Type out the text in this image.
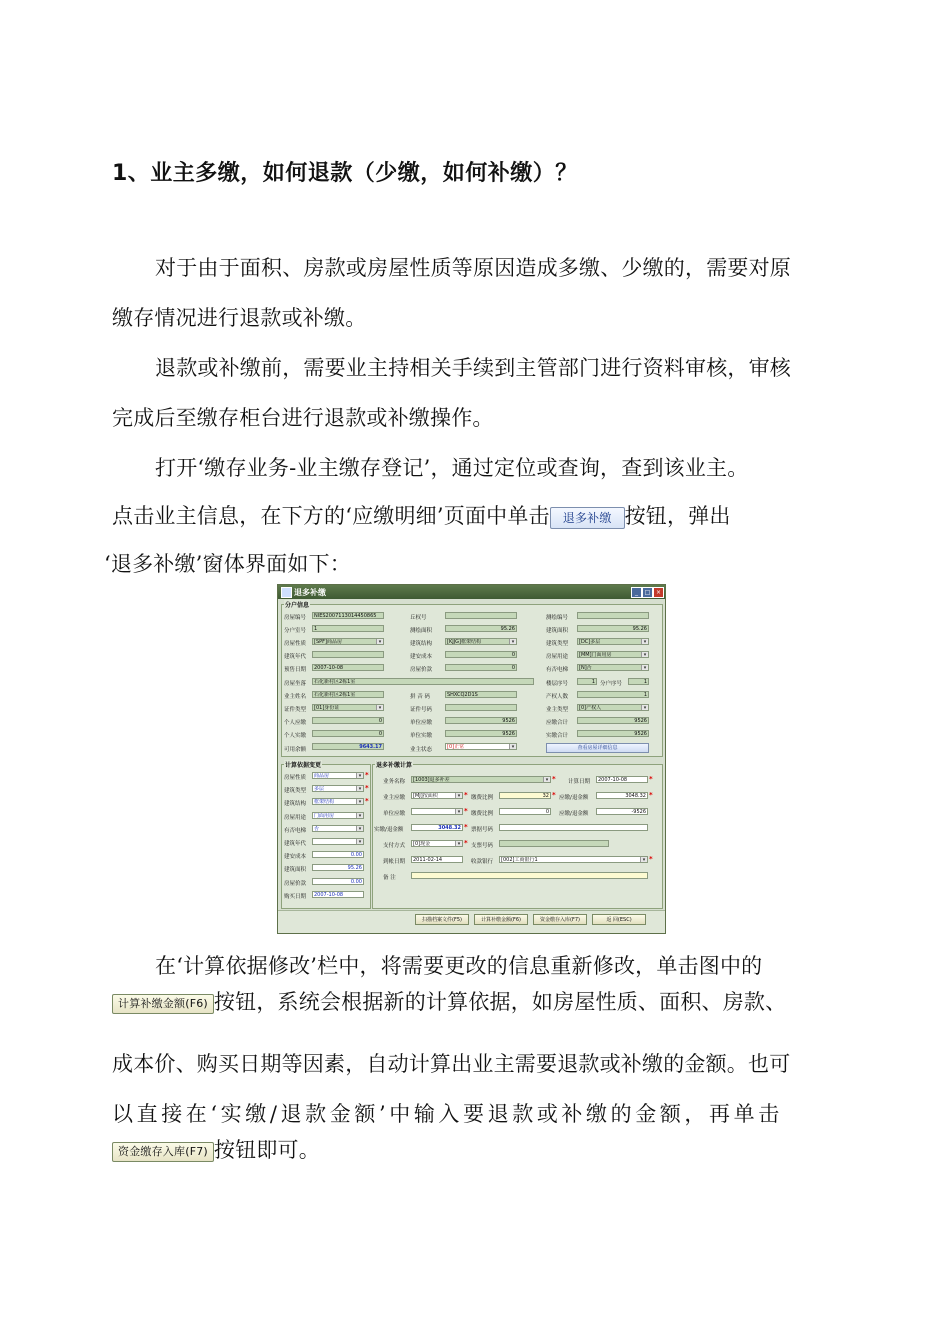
1、业主多缴，如何退款（少缴，如何补缴）？
对于由于面积、房款或房屋性质等原因造成多缴、少缴的，需要对原
缴存情况进行退款或补缴。
退款或补缴前，需要业主持相关手续到主管部门进行资料审核，审核
完成后至缴存柜台进行退款或补缴操作。
打开‘缴存业务-业主缴存登记’，通过定位或查询，查到该业主。
点击业主信息，在下方的‘应缴明细’页面中单击 退多补缴 按钮，弹出
‘退多补缴’窗体界面如下：
退多补缴	_	□ ×
分户信息
房屋编号	NIES2007113014450865	丘权号	测绘编号
分户室号	1	测绘面积	95.26	建筑面积	95.26
房屋性质	[SPF]商品房 ▾	建筑结构	[KJJG]框架结构 ▾	建筑类型	[DC]多层 ▾
建筑年代	建安成本	0	房屋用途	[MM]门面用房 ▾
预售日期	2007-10-08	房屋价款	0	有否电梯	[N]否 ▾
房屋坐落	石化新村区2栋1室	楼层序号	1 分户序号	1
业主姓名	石化新村区2栋1室	拼 音 码	SHXCQ2D1S	产权人数	1
证件类型	[01]身份证 ▾	证件号码	业主类型	[0]产权人 ▾
个人应缴	0	单位应缴	9526	应缴合计	9526
个人实缴	0	单位实缴	9526	实缴合计	9526
可用余额	9643.17	业主状态	[0]正常 ▾	查看房屋详细信息
计算依据变更
房屋性质	商品房 ▾	*
建筑类型	多层 ▾	*
建筑结构	框架结构 ▾	*
房屋用途	门面用房 ▾
有否电梯	否 ▾
建筑年代
▾
建安成本	0.00
建筑面积	95.26
房屋价款	0.00
购买日期	2007-10-08
退多补缴计算
业务名称	[1003]退多补差 ▾	* 计算日期	2007-10-08	*
业主应缴	[MJ]按面积 ▾	* 缴费比例	32 * 应缴/退金额	3048.32 *
单位应缴
▾	* 缴费比例	0	应缴/退金额	-9526
实缴/退金额	3048.32 * 票据号码
支付方式	[0]现金 ▾	* 支票号码
到帐日期	2011-02-14	收款银行	[002]工商银行1 ▾	*
备 注
扫描档案文件(F5)	计算补缴金额(F6)	资金缴存入库(F7)	返 回(ESC)
在‘计算依据修改’栏中，将需要更改的信息重新修改，单击图中的
计算补缴金额(F6) 按钮，系统会根据新的计算依据，如房屋性质、面积、房款、
成本价、购买日期等因素，自动计算出业主需要退款或补缴的金额。也可
以直接在‘实缴/退款金额’中输入要退款或补缴的金额，再单击
资金缴存入库(F7) 按钮即可。
